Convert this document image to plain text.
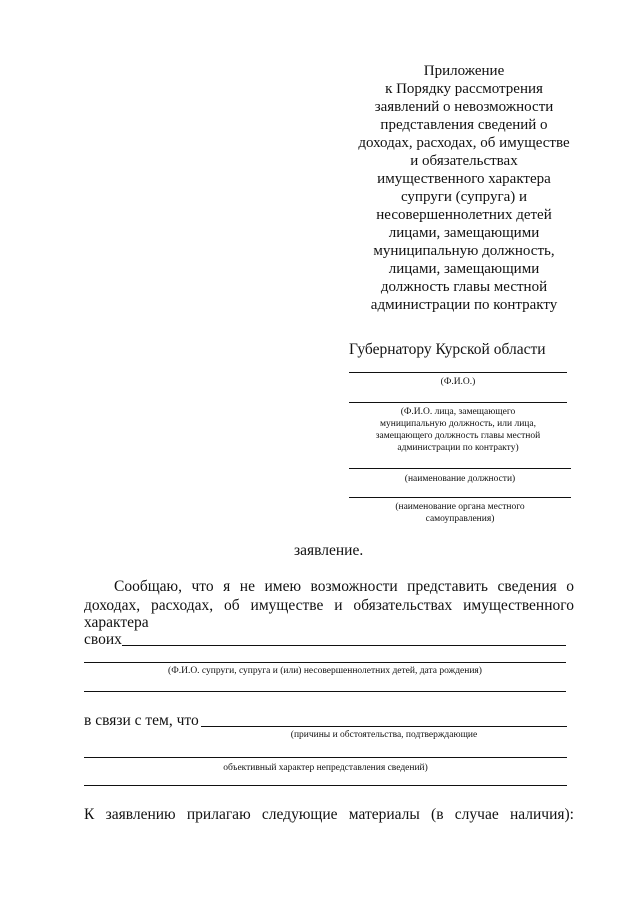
Приложение
к Порядку рассмотрения
заявлений о невозможности
представления сведений о
доходах, расходах, об имуществе
и обязательствах
имущественного характера
супруги (супруга) и
несовершеннолетних детей
лицами, замещающими
муниципальную должность,
лицами, замещающими
должность главы местной
администрации по контракту
Губернатору Курской области
(Ф.И.О.)
(Ф.И.О. лица, замещающего
муниципальную должность, или лица,
замещающего должность главы местной
администрации по контракту)
(наименование должности)
(наименование органа местного
самоуправления)
заявление.
Сообщаю, что я не имею возможности представить сведения о
доходах, расходах, об имуществе и обязательствах имущественного
характера
своих
(Ф.И.О. супруги, супруга и (или) несовершеннолетних детей, дата рождения)
в связи с тем, что
(причины и обстоятельства, подтверждающие
объективный характер непредставления сведений)
К заявлению прилагаю следующие материалы (в случае наличия):
